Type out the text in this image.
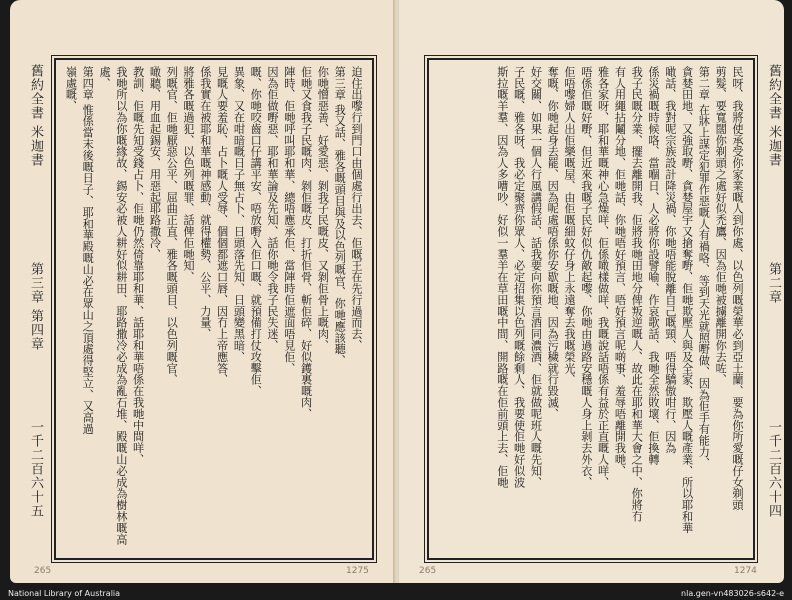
舊約全書 米迦書
第三章 第四章
一千二百六十五
迫住出嚟行到門口由個處行出去、佢嘅王在先行過而去、
第三章 我又話、雅各嘅頭目與及以色列嘅官、你哋應該聽、
你哋憎惡善、好愛惡、剝我子民嘅皮、又剝佢骨上嘅肉、
佢哋又食我子民嘅肉、剝佢嘅皮、打折佢骨、斬佢碎、好似鑊裏嘅肉、
陣時、佢哋呼叫耶和華、總唔應承佢、當陣時佢遮面唔見佢、
因為佢做嘢惡、耶和華論及先知、話你哋令我子民失迷、
嘅、你哋咬齒口仔講平安、唔放嘢入佢口嘅、就預備打仗攻擊佢、
異象、又在咁暗嘅日子無占卜、日頭落先知、日頭變黑暗、
見嘅人要羞恥、占卜嘅人受辱、個個都遮口唇、因冇上帝應答、
係我實在被耶和華嘅神感動、就得權勢、公平、力量、
將雅各嘅過犯、以色列嘅罪、話俾佢哋知、
列嘅官、佢哋厭惡公平、屈曲正直、雅各嘅頭目、以色列嘅官、
噉聽、用血起錫安、用惡起耶路撒冷、
教訓、佢嘅先知受錢占卜、佢哋仍然倚靠耶和華、話耶和華唔係在我哋中間咩、
我哋所以為你嘅緣故、錫安必被人耕好似耕田、耶路撒冷必成為亂石堆、殿嘅山必成為樹林嘅高處、
第四章 惟係當末後嘅日子、耶和華殿嘅山必在眾山之頂處得堅立、又高過
嶺處嘅、
265	1275
舊約全書 米迦書
第二章
一千二百六十四
民呀、我將使承受你家業嘅人到你處、以色列嘅榮華必到亞土蘭、要為你所愛嘅仔女剃頭
剪髮、要寬闊你剃頭之處好似禿鷹、因為佢哋被擄離開你去咗、
第二章 在牀上謀定犯罪作惡嘅人有禍咯、等到天光就照嘢做、因為佢手有能力、
貪婪田地、又強取嘢、貪婪屋宇又搶奪嘢、佢哋欺壓人與及全家、欺壓人嘅產業、所以耶和華
噉話、我對呢宗族設計降災禍、你哋唔能脫離自己嘅頸、唔得驕傲咁行、因為
係災禍嘅時候咯、當嗰日、人必將你設譬喻、作哀歌話、我哋全然敗壞、佢換轉
我子民嘅分業、擺去離開我、佢將我哋田地分俾叛逆嘅人、故此在耶和華大會之中、你將冇
有人用繩拈鬮分地、佢哋話、你哋唔好預言、唔好預言呢啲事、羞辱唔離開我哋、
雅各家呀、耶和華嘅神心急燥咩、佢係噉樣做咩、我嘅說話唔係有益於正直嘅人咩、
唔係佢嘅好嘢、但近來我嘅子民好似仇敵起嚟、你哋由過路安穩嘅人身上剝去外衣、
佢唔嚟婦人出佢樂嘅屋、由佢嘅細蚊仔身上永遠奪去我嘅榮光、
奪嘅、你哋起身去罷、因為呢處唔係你安歇嘅地、因為污穢就行毀滅、
好交關、如果一個人行風講假話、話我要向你預言酒同濃酒、佢就做呢班人嘅先知、
子民嘅、雅各呀、我必定聚齊你眾人、必定招集以色列嘅餘剩人、我要使佢哋好似波
斯拉嘅羊羣、因為人多嘈吵、好似一羣羊在草田嘅中間、開路嘅在佢前頭上去、佢哋
265	1274
National Library of Australia	nla.gen-vn483026-s642-e
